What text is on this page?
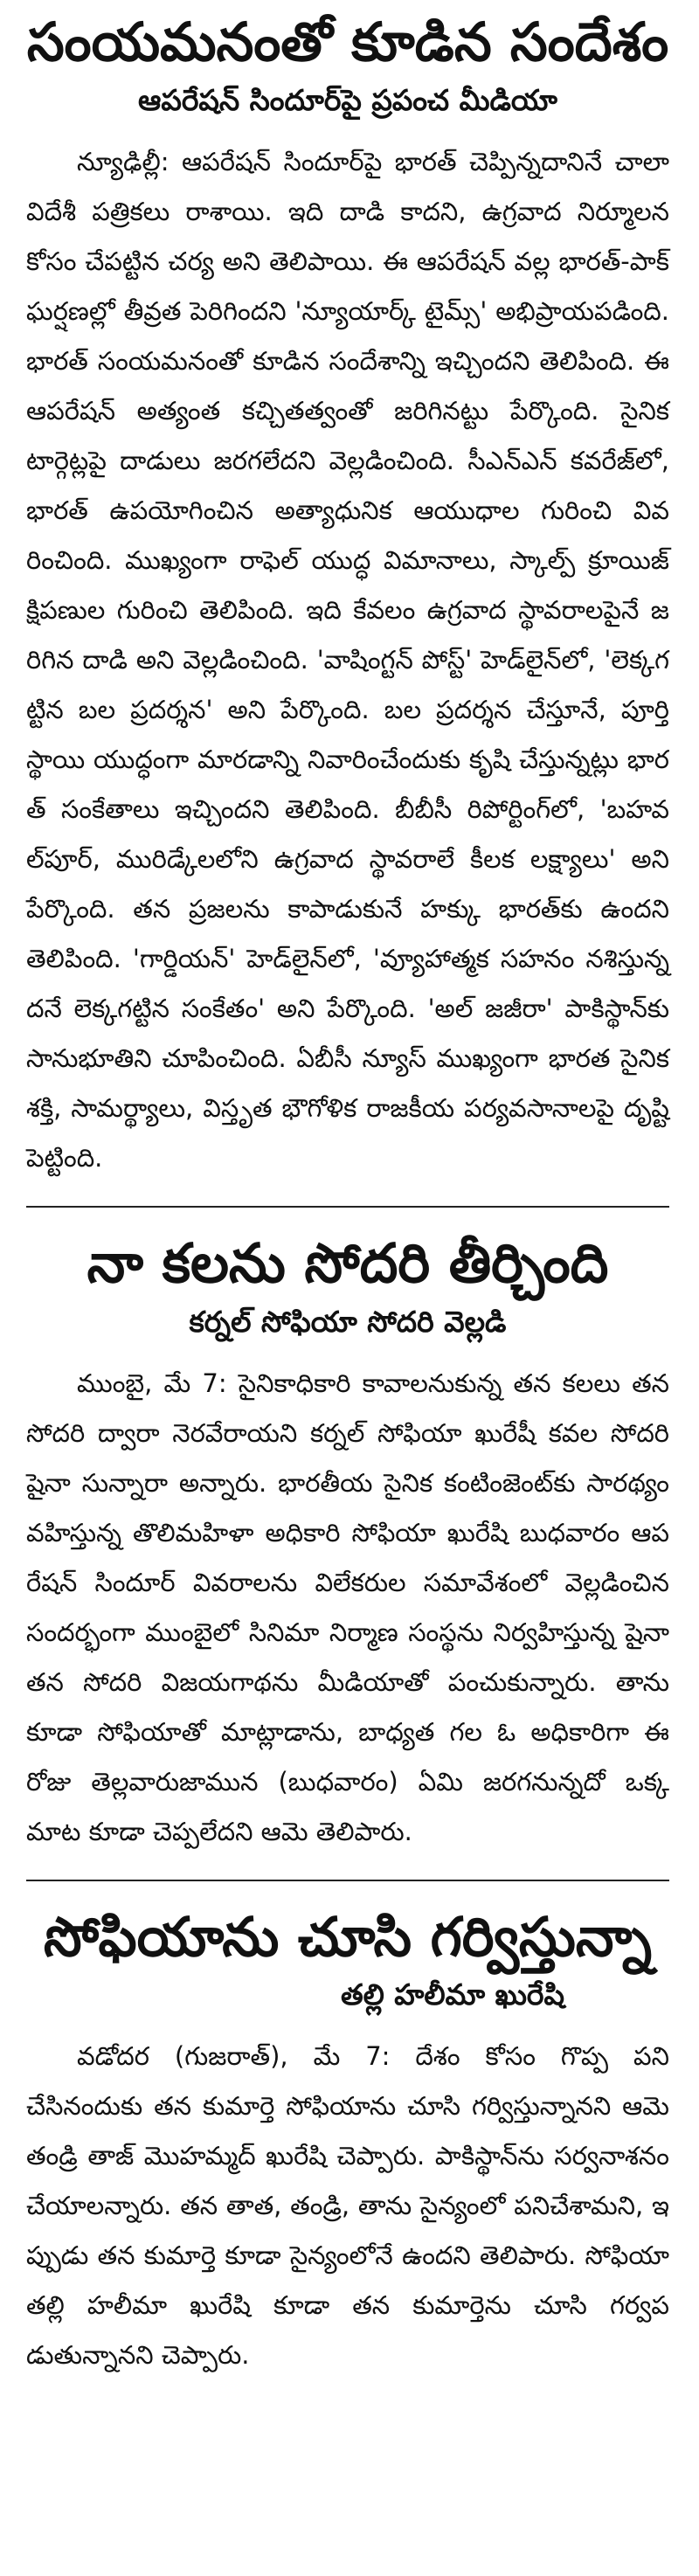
సంయమనంతో కూడిన సందేశం
ఆపరేషన్ సిందూర్‌పై ప్రపంచ మీడియా

న్యూఢిల్లీ: ఆపరేషన్ సిందూర్‌పై భారత్ చెప్పిన్నదానినే చాలా విదేశీ పత్రికలు రాశాయి. ఇది దాడి కాదని, ఉగ్రవాద నిర్మూలన కోసం చేపట్టిన చర్య అని తెలిపాయి. ఈ ఆపరేషన్ వల్ల భారత్-పాక్ ఘర్షణల్లో తీవ్రత పెరిగిందని 'న్యూయార్క్ టైమ్స్' అభిప్రాయపడింది. భారత్ సంయమనంతో కూడిన సందేశాన్ని ఇచ్చిందని తెలిపింది. ఈ ఆపరేషన్ అత్యంత కచ్చితత్వంతో జరిగినట్టు పేర్కొంది. సైనిక టార్గెట్లపై దాడులు జరగలేదని వెల్లడించింది. సీఎన్ఎన్ కవరేజ్‌లో, భారత్ ఉపయోగించిన అత్యాధునిక ఆయుధాల గురించి వివరించింది. ముఖ్యంగా రాఫెల్ యుద్ధ విమానాలు, స్కాల్ప్ క్రూయిజ్ క్షిపణుల గురించి తెలిపింది. ఇది కేవలం ఉగ్రవాద స్థావరాలపైనే జరిగిన దాడి అని వెల్లడించింది. 'వాషింగ్టన్ పోస్ట్' హెడ్‌లైన్‌లో, 'లెక్కగట్టిన బల ప్రదర్శన' అని పేర్కొంది. బల ప్రదర్శన చేస్తూనే, పూర్తి స్థాయి యుద్ధంగా మారడాన్ని నివారించేందుకు కృషి చేస్తున్నట్లు భారత్ సంకేతాలు ఇచ్చిందని తెలిపింది. బీబీసీ రిపోర్టింగ్‌లో, 'బహవల్‌పూర్, మురిడ్కేలలోని ఉగ్రవాద స్థావరాలే కీలక లక్ష్యాలు' అని పేర్కొంది. తన ప్రజలను కాపాడుకునే హక్కు భారత్‌కు ఉందని తెలిపింది. 'గార్డియన్' హెడ్‌లైన్‌లో, 'వ్యూహాత్మక సహనం నశిస్తున్నదనే లెక్కగట్టిన సంకేతం' అని పేర్కొంది. 'అల్ జజీరా' పాకిస్థాన్‌కు సానుభూతిని చూపించింది. ఏబీసీ న్యూస్ ముఖ్యంగా భారత సైనిక శక్తి, సామర్థ్యాలు, విస్తృత భౌగోళిక రాజకీయ పర్యవసానాలపై దృష్టి పెట్టింది.

నా కలను సోదరి తీర్చింది
కర్నల్ సోఫియా సోదరి వెల్లడి

ముంబై, మే 7: సైనికాధికారి కావాలనుకున్న తన కలలు తన సోదరి ద్వారా నెరవేరాయని కర్నల్ సోఫియా ఖురేషీ కవల సోదరి షైనా సున్నారా అన్నారు. భారతీయ సైనిక కంటింజెంట్‌కు సారథ్యం వహిస్తున్న తొలిమహిళా అధికారి సోఫియా ఖురేషి బుధవారం ఆపరేషన్ సిందూర్ వివరాలను విలేకరుల సమావేశంలో వెల్లడించిన సందర్భంగా ముంబైలో సినిమా నిర్మాణ సంస్థను నిర్వహిస్తున్న షైనా తన సోదరి విజయగాథను మీడియాతో పంచుకున్నారు. తాను కూడా సోఫియాతో మాట్లాడాను, బాధ్యత గల ఓ అధికారిగా ఈ రోజు తెల్లవారుజామున (బుధవారం) ఏమి జరగనున్నదో ఒక్క మాట కూడా చెప్పలేదని ఆమె తెలిపారు.

సోఫియాను చూసి గర్విస్తున్నా
తల్లి హలీమా ఖురేషి

వడోదర (గుజరాత్), మే 7: దేశం కోసం గొప్ప పని చేసినందుకు తన కుమార్తె సోఫియాను చూసి గర్విస్తున్నానని ఆమె తండ్రి తాజ్ మొహమ్మద్ ఖురేషి చెప్పారు. పాకిస్థాన్‌ను సర్వనాశనం చేయాలన్నారు. తన తాత, తండ్రి, తాను సైన్యంలో పనిచేశామని, ఇప్పుడు తన కుమార్తె కూడా సైన్యంలోనే ఉందని తెలిపారు. సోఫియా తల్లి హలీమా ఖురేషి కూడా తన కుమార్తెను చూసి గర్వపడుతున్నానని చెప్పారు.
